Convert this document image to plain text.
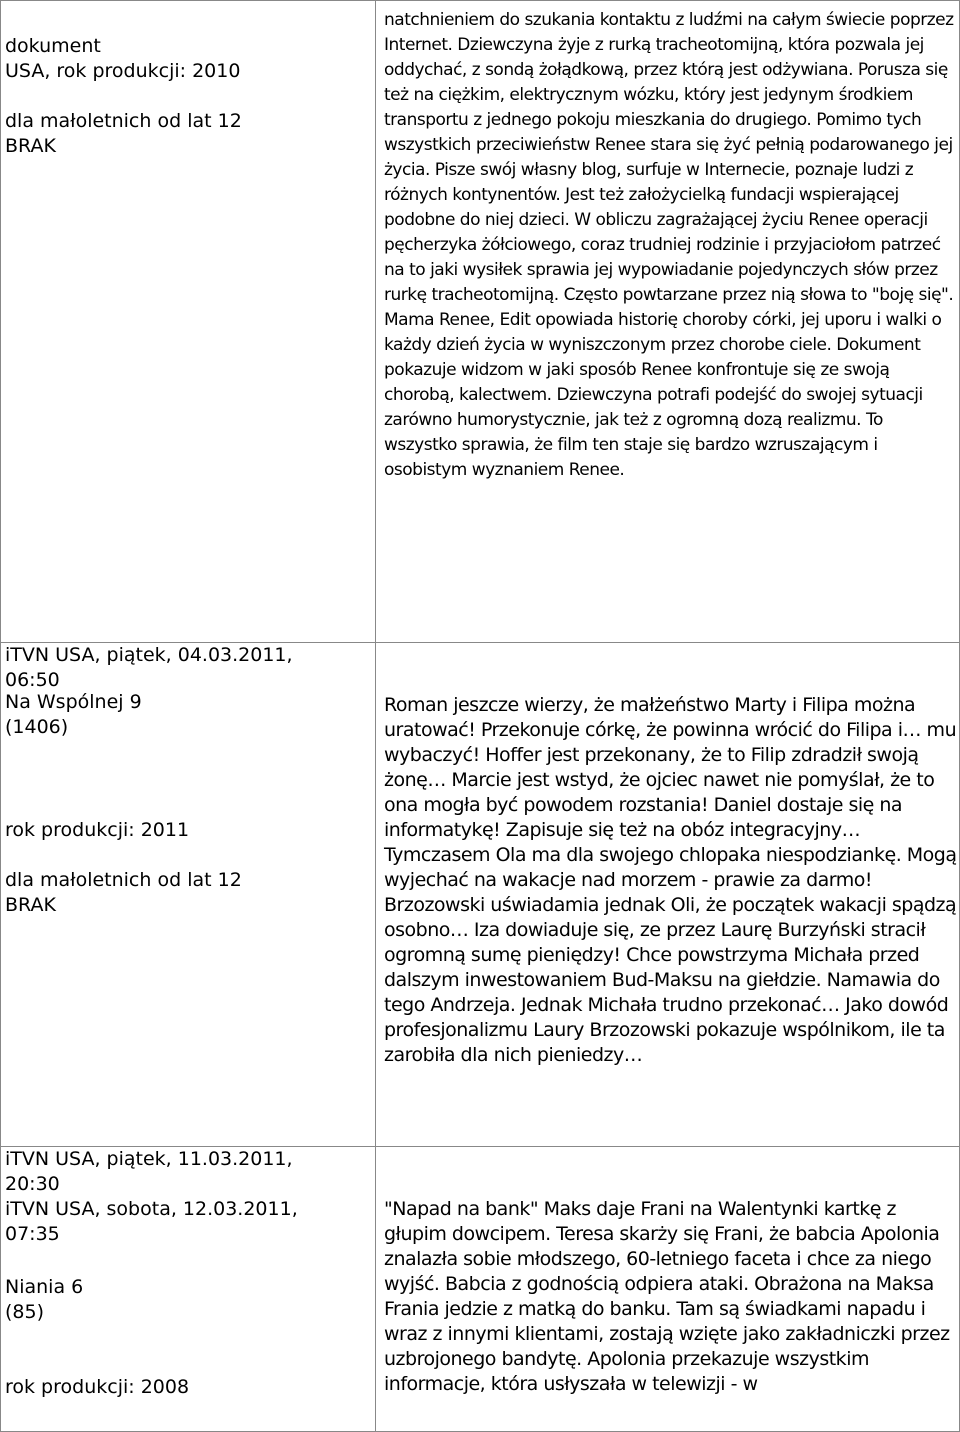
dokument

USA, rok produkcji: 2010

dla małoletnich od lat 12

BRAK

natchnieniem do szukania kontaktu z ludźmi na całym świecie poprzez Internet. Dziewczyna żyje z rurką tracheotomijną, która pozwala jej oddychać, z sondą żołądkową, przez którą jest odżywiana. Porusza się też na ciężkim, elektrycznym wózku, który jest jedynym środkiem transportu z jednego pokoju mieszkania do drugiego. Pomimo tych wszystkich przeciwieństw Renee stara się żyć pełnią podarowanego jej życia. Pisze swój własny blog, surfuje w Internecie, poznaje ludzi z różnych kontynentów. Jest też założycielką fundacji wspierającej podobne do niej dzieci. W obliczu zagrażającej życiu Renee operacji pęcherzyka żółciowego, coraz trudniej rodzinie i przyjaciołom patrzeć na to jaki wysiłek sprawia jej wypowiadanie pojedynczych słów przez rurkę tracheotomijną. Często powtarzane przez nią słowa to "boję się". Mama Renee, Edit opowiada historię choroby córki, jej uporu i walki o każdy dzień życia w wyniszczonym przez chorobe ciele. Dokument pokazuje widzom w jaki sposób Renee konfrontuje się ze swoją chorobą, kalectwem. Dziewczyna potrafi podejść do swojej sytuacji zarówno humorystycznie, jak też z ogromną dozą realizmu. To wszystko sprawia, że film ten staje się bardzo wzruszającym i osobistym wyznaniem Renee.

iTVN USA, piątek, 04.03.2011,
06:50

Na Wspólnej 9
(1406)

rok produkcji: 2011

dla małoletnich od lat 12

BRAK

Roman jeszcze wierzy, że małżeństwo Marty i Filipa można uratować! Przekonuje córkę, że powinna wrócić do Filipa i… mu wybaczyć! Hoffer jest przekonany, że to Filip zdradził swoją żonę… Marcie jest wstyd, że ojciec nawet nie pomyślał, że to ona mogła być powodem rozstania! Daniel dostaje się na informatykę! Zapisuje się też na obóz integracyjny… Tymczasem Ola ma dla swojego chlopaka niespodziankę. Mogą wyjechać na wakacje nad morzem - prawie za darmo! Brzozowski uświadamia jednak Oli, że początek wakacji spądzą osobno… Iza dowiaduje się, ze przez Laurę Burzyński stracił ogromną sumę pieniędzy! Chce powstrzyma Michała przed dalszym inwestowaniem Bud-Maksu na giełdzie. Namawia do tego Andrzeja. Jednak Michała trudno przekonać… Jako dowód profesjonalizmu Laury Brzozowski pokazuje wspólnikom, ile ta zarobiła dla nich pieniedzy…

iTVN USA, piątek, 11.03.2011,
20:30
iTVN USA, sobota, 12.03.2011,
07:35

Niania 6
(85)

rok produkcji: 2008

"Napad na bank" Maks daje Frani na Walentynki kartkę z głupim dowcipem. Teresa skarży się Frani, że babcia Apolonia znalazła sobie młodszego, 60-letniego faceta i chce za niego wyjść. Babcia z godnością odpiera ataki. Obrażona na Maksa Frania jedzie z matką do banku. Tam są świadkami napadu i wraz z innymi klientami, zostają wzięte jako zakładniczki przez uzbrojonego bandytę. Apolonia przekazuje wszystkim informacje, która usłyszała w telewizji - w
